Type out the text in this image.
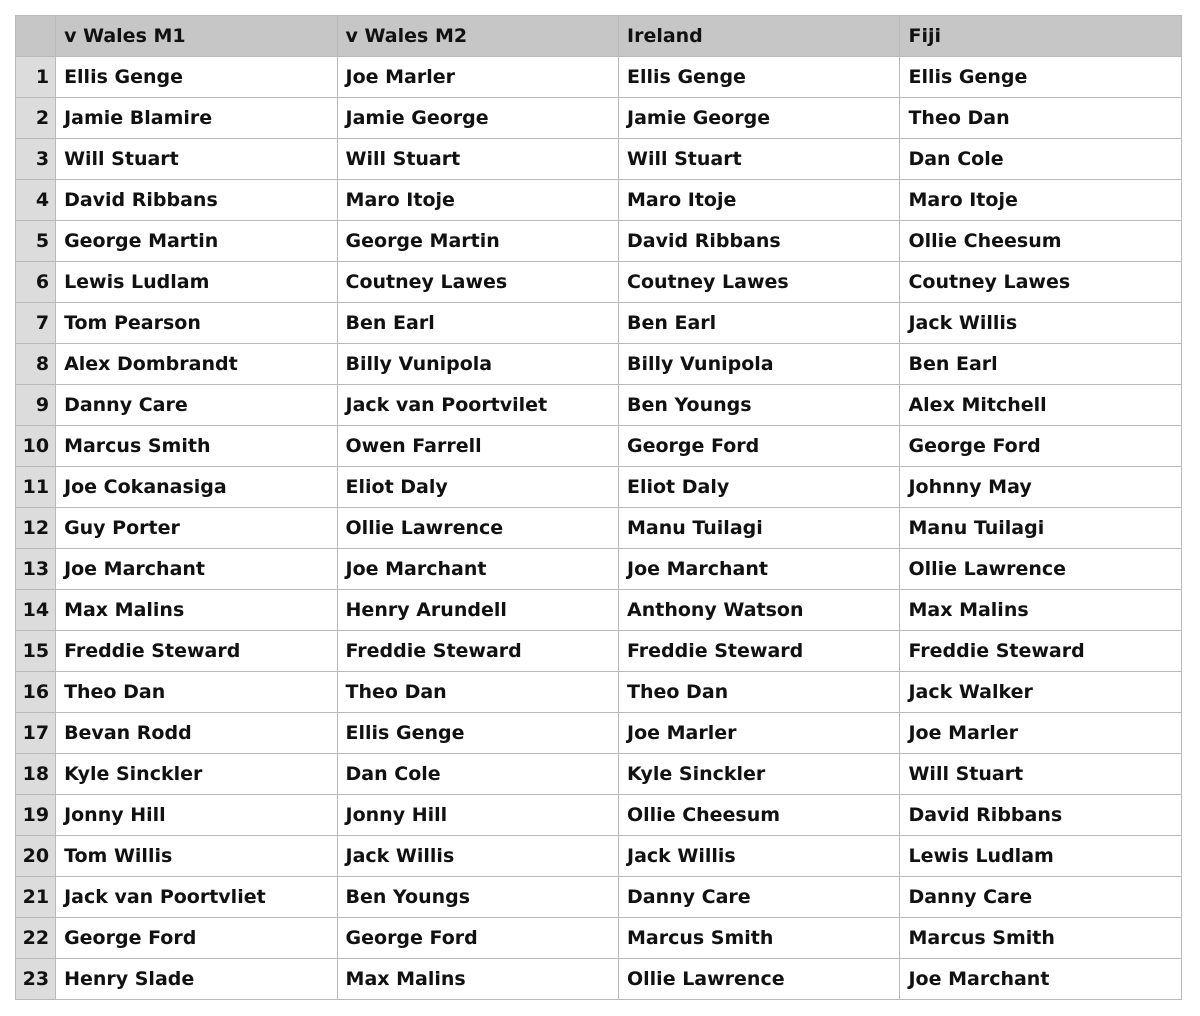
	v Wales M1	v Wales M2	Ireland	Fiji
1	Ellis Genge	Joe Marler	Ellis Genge	Ellis Genge
2	Jamie Blamire	Jamie George	Jamie George	Theo Dan
3	Will Stuart	Will Stuart	Will Stuart	Dan Cole
4	David Ribbans	Maro Itoje	Maro Itoje	Maro Itoje
5	George Martin	George Martin	David Ribbans	Ollie Cheesum
6	Lewis Ludlam	Coutney Lawes	Coutney Lawes	Coutney Lawes
7	Tom Pearson	Ben Earl	Ben Earl	Jack Willis
8	Alex Dombrandt	Billy Vunipola	Billy Vunipola	Ben Earl
9	Danny Care	Jack van Poortvilet	Ben Youngs	Alex Mitchell
10	Marcus Smith	Owen Farrell	George Ford	George Ford
11	Joe Cokanasiga	Eliot Daly	Eliot Daly	Johnny May
12	Guy Porter	Ollie Lawrence	Manu Tuilagi	Manu Tuilagi
13	Joe Marchant	Joe Marchant	Joe Marchant	Ollie Lawrence
14	Max Malins	Henry Arundell	Anthony Watson	Max Malins
15	Freddie Steward	Freddie Steward	Freddie Steward	Freddie Steward
16	Theo Dan	Theo Dan	Theo Dan	Jack Walker
17	Bevan Rodd	Ellis Genge	Joe Marler	Joe Marler
18	Kyle Sinckler	Dan Cole	Kyle Sinckler	Will Stuart
19	Jonny Hill	Jonny Hill	Ollie Cheesum	David Ribbans
20	Tom Willis	Jack Willis	Jack Willis	Lewis Ludlam
21	Jack van Poortvliet	Ben Youngs	Danny Care	Danny Care
22	George Ford	George Ford	Marcus Smith	Marcus Smith
23	Henry Slade	Max Malins	Ollie Lawrence	Joe Marchant
